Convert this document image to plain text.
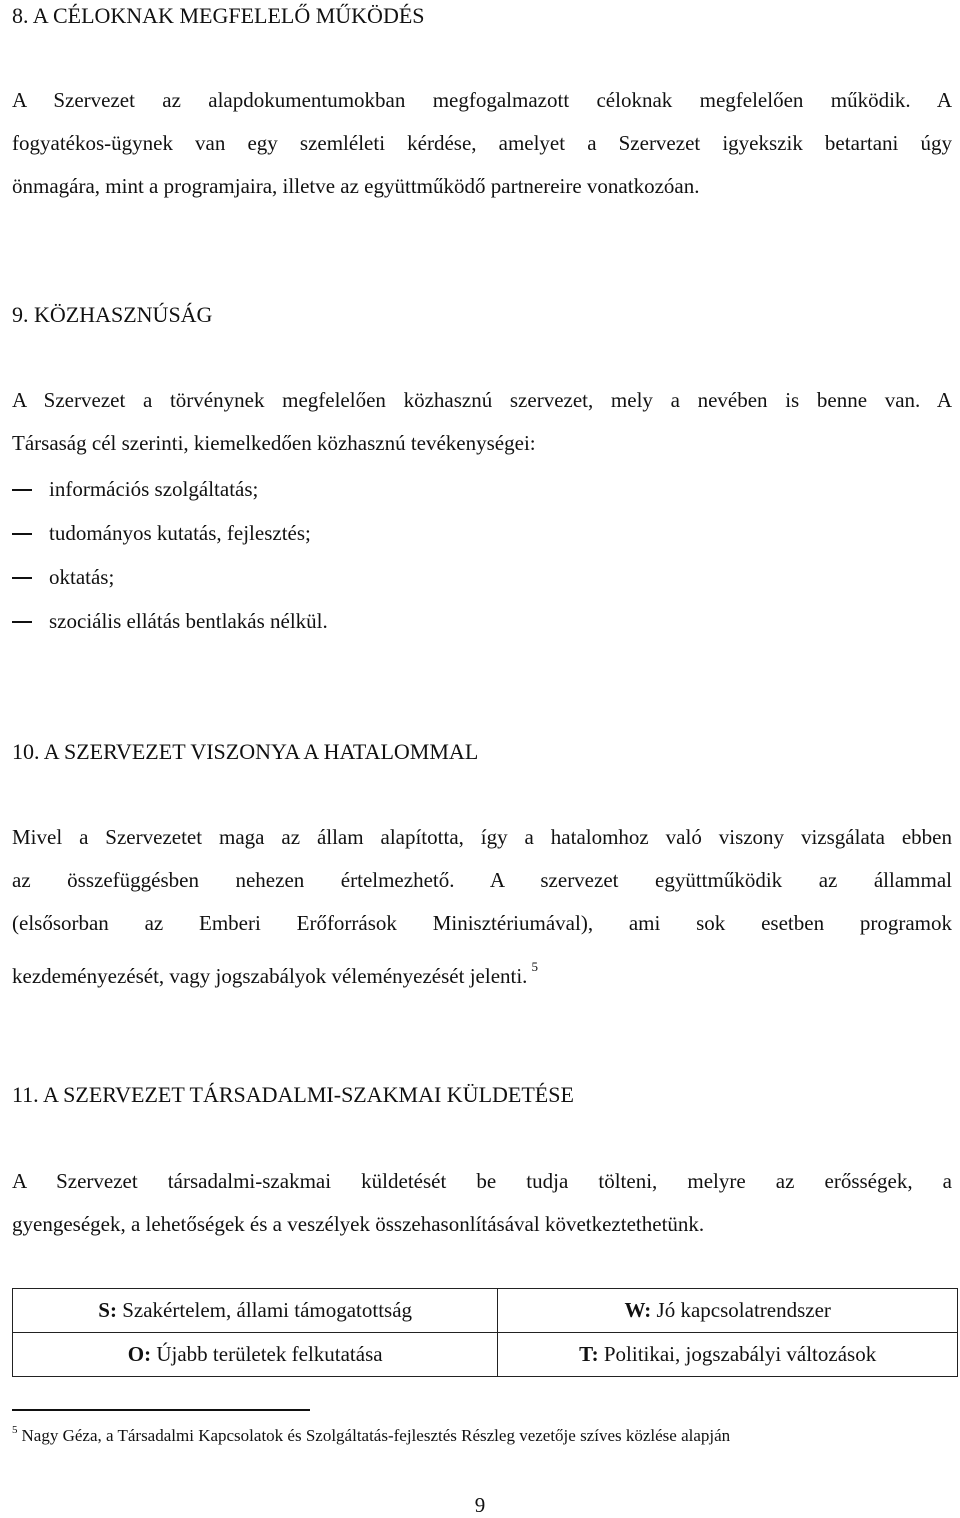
8. A CÉLOKNAK MEGFELELŐ MŰKÖDÉS
A Szervezet az alapdokumentumokban megfogalmazott céloknak megfelelően működik. A
fogyatékos-ügynek van egy szemléleti kérdése, amelyet a Szervezet igyekszik betartani úgy
önmagára, mint a programjaira, illetve az együttműködő partnereire vonatkozóan.
9. KÖZHASZNÚSÁG
A Szervezet a törvénynek megfelelően közhasznú szervezet, mely a nevében is benne van. A
Társaság cél szerinti, kiemelkedően közhasznú tevékenységei:
információs szolgáltatás;
tudományos kutatás, fejlesztés;
oktatás;
szociális ellátás bentlakás nélkül.
10. A SZERVEZET VISZONYA A HATALOMMAL
Mivel a Szervezetet maga az állam alapította, így a hatalomhoz való viszony vizsgálata ebben
az összefüggésben nehezen értelmezhető. A szervezet együttműködik az állammal
(elsősorban az Emberi Erőforrások Minisztériumával), ami sok esetben programok
kezdeményezését, vagy jogszabályok véleményezését jelenti. $^5$
11. A SZERVEZET TÁRSADALMI-SZAKMAI KÜLDETÉSE
A Szervezet társadalmi-szakmai küldetését be tudja tölteni, melyre az erősségek, a
gyengeségek, a lehetőségek és a veszélyek összehasonlításával következtethetünk.
S: Szakértelem, állami támogatottság	W: Jó kapcsolatrendszer
O: Újabb területek felkutatása	T: Politikai, jogszabályi változások
$^5$ Nagy Géza, a Társadalmi Kapcsolatok és Szolgáltatás-fejlesztés Részleg vezetője szíves közlése alapján
9
